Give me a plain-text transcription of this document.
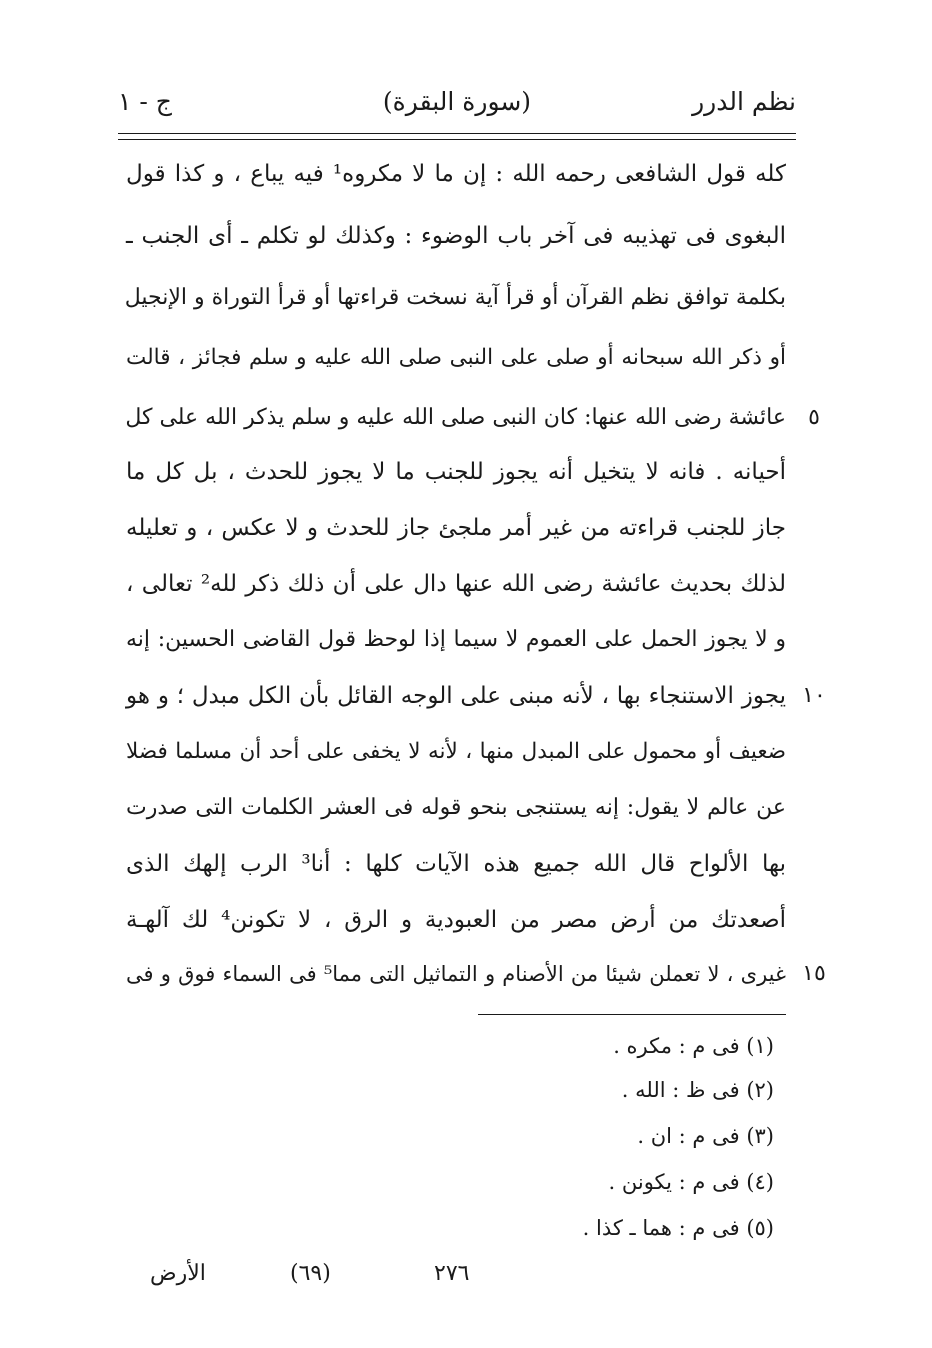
نظم الدرر
(سورة البقرة)
ج - ١
كله قول الشافعى رحمه الله : إن ما لا مكروه¹ فيه يباع ، و كذا قول
البغوى فى تهذيبه فى آخر باب الوضوء : وكذلك لو تكلم ـ أى الجنب ـ
بكلمة توافق نظم القرآن أو قرأ آية نسخت قراءتها أو قرأ التوراة و الإنجيل
أو ذكر الله سبحانه أو صلى على النبى صلى الله عليه و سلم فجائز ، قالت
عائشة رضى الله عنها: كان النبى صلى الله عليه و سلم يذكر الله على كل
أحيانه . فانه لا يتخيل أنه يجوز للجنب ما لا يجوز للحدث ، بل كل ما
جاز للجنب قراءته من غير أمر ملجئ جاز للحدث و لا عكس ، و تعليله
لذلك بحديث عائشة رضى الله عنها دال على أن ذلك ذكر لله² تعالى ،
و لا يجوز الحمل على العموم لا سيما إذا لوحظ قول القاضى الحسين: إنه
يجوز الاستنجاء بها ، لأنه مبنى على الوجه القائل بأن الكل مبدل ؛ و هو
ضعيف أو محمول على المبدل منها ، لأنه لا يخفى على أحد أن مسلما فضلا
عن عالم لا يقول: إنه يستنجى بنحو قوله فى العشر الكلمات التى صدرت
بها الألواح قال الله جميع هذه الآيات كلها : أنا³ الرب إلهك الذى
أصعدتك من أرض مصر من العبودية و الرق ، لا تكونن⁴ لك آلهـة
غيرى ، لا تعملن شيئا من الأصنام و التماثيل التى مما⁵ فى السماء فوق و فى
٥
١٠
١٥
(١) فى م : مكره .
(٢) فى ظ : الله .
(٣) فى م : ان .
(٤) فى م : يكونن .
(٥) فى م : هما ـ كذا .
٢٧٦
(٦٩)
الأرض
